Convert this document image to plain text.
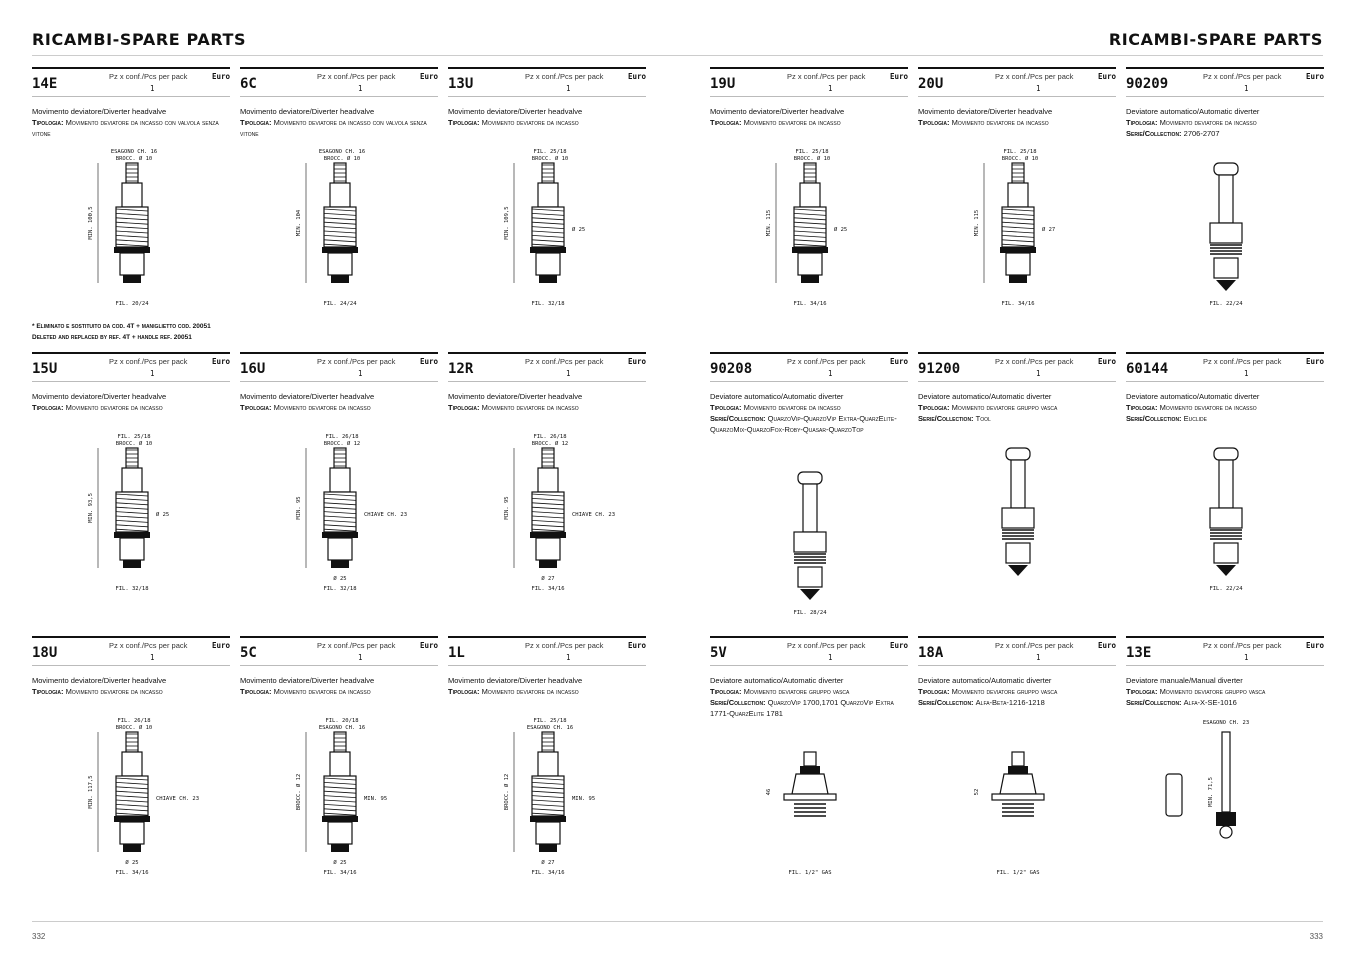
RICAMBI-SPARE PARTS	RICAMBI-SPARE PARTS
332	333
14E	Pz x conf./Pcs per pack	Euro
1
Movimento deviatore/Diverter headvalve
Tipologia: Movimento deviatore da incasso con valvola senza vitone
ESAGONO CH. 16
BROCC. Ø 10
MIN. 100,5
FIL. 20/24
* Eliminato e sostituito da cod. 4T + maniglietto cod. 20051
Deleted and replaced by ref. 4T + handle ref. 20051
6C	Pz x conf./Pcs per pack	Euro
1
Movimento deviatore/Diverter headvalve
Tipologia: Movimento deviatore da incasso con valvola senza vitone
ESAGONO CH. 16
BROCC. Ø 10
MIN. 104
FIL. 24/24
13U	Pz x conf./Pcs per pack	Euro
1
Movimento deviatore/Diverter headvalve
Tipologia: Movimento deviatore da incasso
FIL. 25/18
BROCC. Ø 10
MIN. 109,5	Ø 25
FIL. 32/18
19U	Pz x conf./Pcs per pack	Euro
1
Movimento deviatore/Diverter headvalve
Tipologia: Movimento deviatore da incasso
FIL. 25/18
BROCC. Ø 10
MIN. 115	Ø 25
FIL. 34/16
20U	Pz x conf./Pcs per pack	Euro
1
Movimento deviatore/Diverter headvalve
Tipologia: Movimento deviatore da incasso
FIL. 25/18
BROCC. Ø 10
MIN. 115	Ø 27
FIL. 34/16
90209	Pz x conf./Pcs per pack	Euro
1
Deviatore automatico/Automatic diverter
Tipologia: Movimento deviatore da incasso
Serie/Collection: 2706-2707
FIL. 22/24
15U	Pz x conf./Pcs per pack	Euro
1
Movimento deviatore/Diverter headvalve
Tipologia: Movimento deviatore da incasso
FIL. 25/18
BROCC. Ø 10
MIN. 93,5	Ø 25
FIL. 32/18
16U	Pz x conf./Pcs per pack	Euro
1
Movimento deviatore/Diverter headvalve
Tipologia: Movimento deviatore da incasso
FIL. 26/18
BROCC. Ø 12
MIN. 95	CHIAVE CH. 23
Ø 25
FIL. 32/18
12R	Pz x conf./Pcs per pack	Euro
1
Movimento deviatore/Diverter headvalve
Tipologia: Movimento deviatore da incasso
FIL. 26/18
BROCC. Ø 12
MIN. 95	CHIAVE CH. 23
Ø 27
FIL. 34/16
90208	Pz x conf./Pcs per pack	Euro
1
Deviatore automatico/Automatic diverter
Tipologia: Movimento deviatore da incasso
Serie/Collection: QuarzoVip-QuarzoVip Extra-QuarzElite-QuarzoMix-QuarzoFox-Roby-Quasar-QuarzoTop
FIL. 28/24
91200	Pz x conf./Pcs per pack	Euro
1
Deviatore automatico/Automatic diverter
Tipologia: Movimento deviatore gruppo vasca
Serie/Collection: Tool
60144	Pz x conf./Pcs per pack	Euro
1
Deviatore automatico/Automatic diverter
Tipologia: Movimento deviatore da incasso
Serie/Collection: Euclide
FIL. 22/24
18U	Pz x conf./Pcs per pack	Euro
1
Movimento deviatore/Diverter headvalve
Tipologia: Movimento deviatore da incasso
FIL. 26/18
BROCC. Ø 10
MIN. 117,5	CHIAVE CH. 23
Ø 25
FIL. 34/16
5C	Pz x conf./Pcs per pack	Euro
1
Movimento deviatore/Diverter headvalve
Tipologia: Movimento deviatore da incasso
FIL. 20/18
ESAGONO CH. 16
BROCC. Ø 12	MIN. 95
Ø 25
FIL. 34/16
1L	Pz x conf./Pcs per pack	Euro
1
Movimento deviatore/Diverter headvalve
Tipologia: Movimento deviatore da incasso
FIL. 25/18
ESAGONO CH. 16
BROCC. Ø 12	MIN. 95
Ø 27
FIL. 34/16
5V	Pz x conf./Pcs per pack	Euro
1
Deviatore automatico/Automatic diverter
Tipologia: Movimento deviatore gruppo vasca
Serie/Collection: QuarzoVip 1700,1701 QuarzoVip Extra 1771-QuarzElite 1781
46
FIL. 1/2" GAS
18A	Pz x conf./Pcs per pack	Euro
1
Deviatore automatico/Automatic diverter
Tipologia: Movimento deviatore gruppo vasca
Serie/Collection: Alfa-Beta-1216-1218
52
FIL. 1/2" GAS
13E	Pz x conf./Pcs per pack	Euro
1
Deviatore manuale/Manual diverter
Tipologia: Movimento deviatore gruppo vasca
Serie/Collection: Alfa-X-SE-1016
ESAGONO CH. 23
MIN. 71,5
